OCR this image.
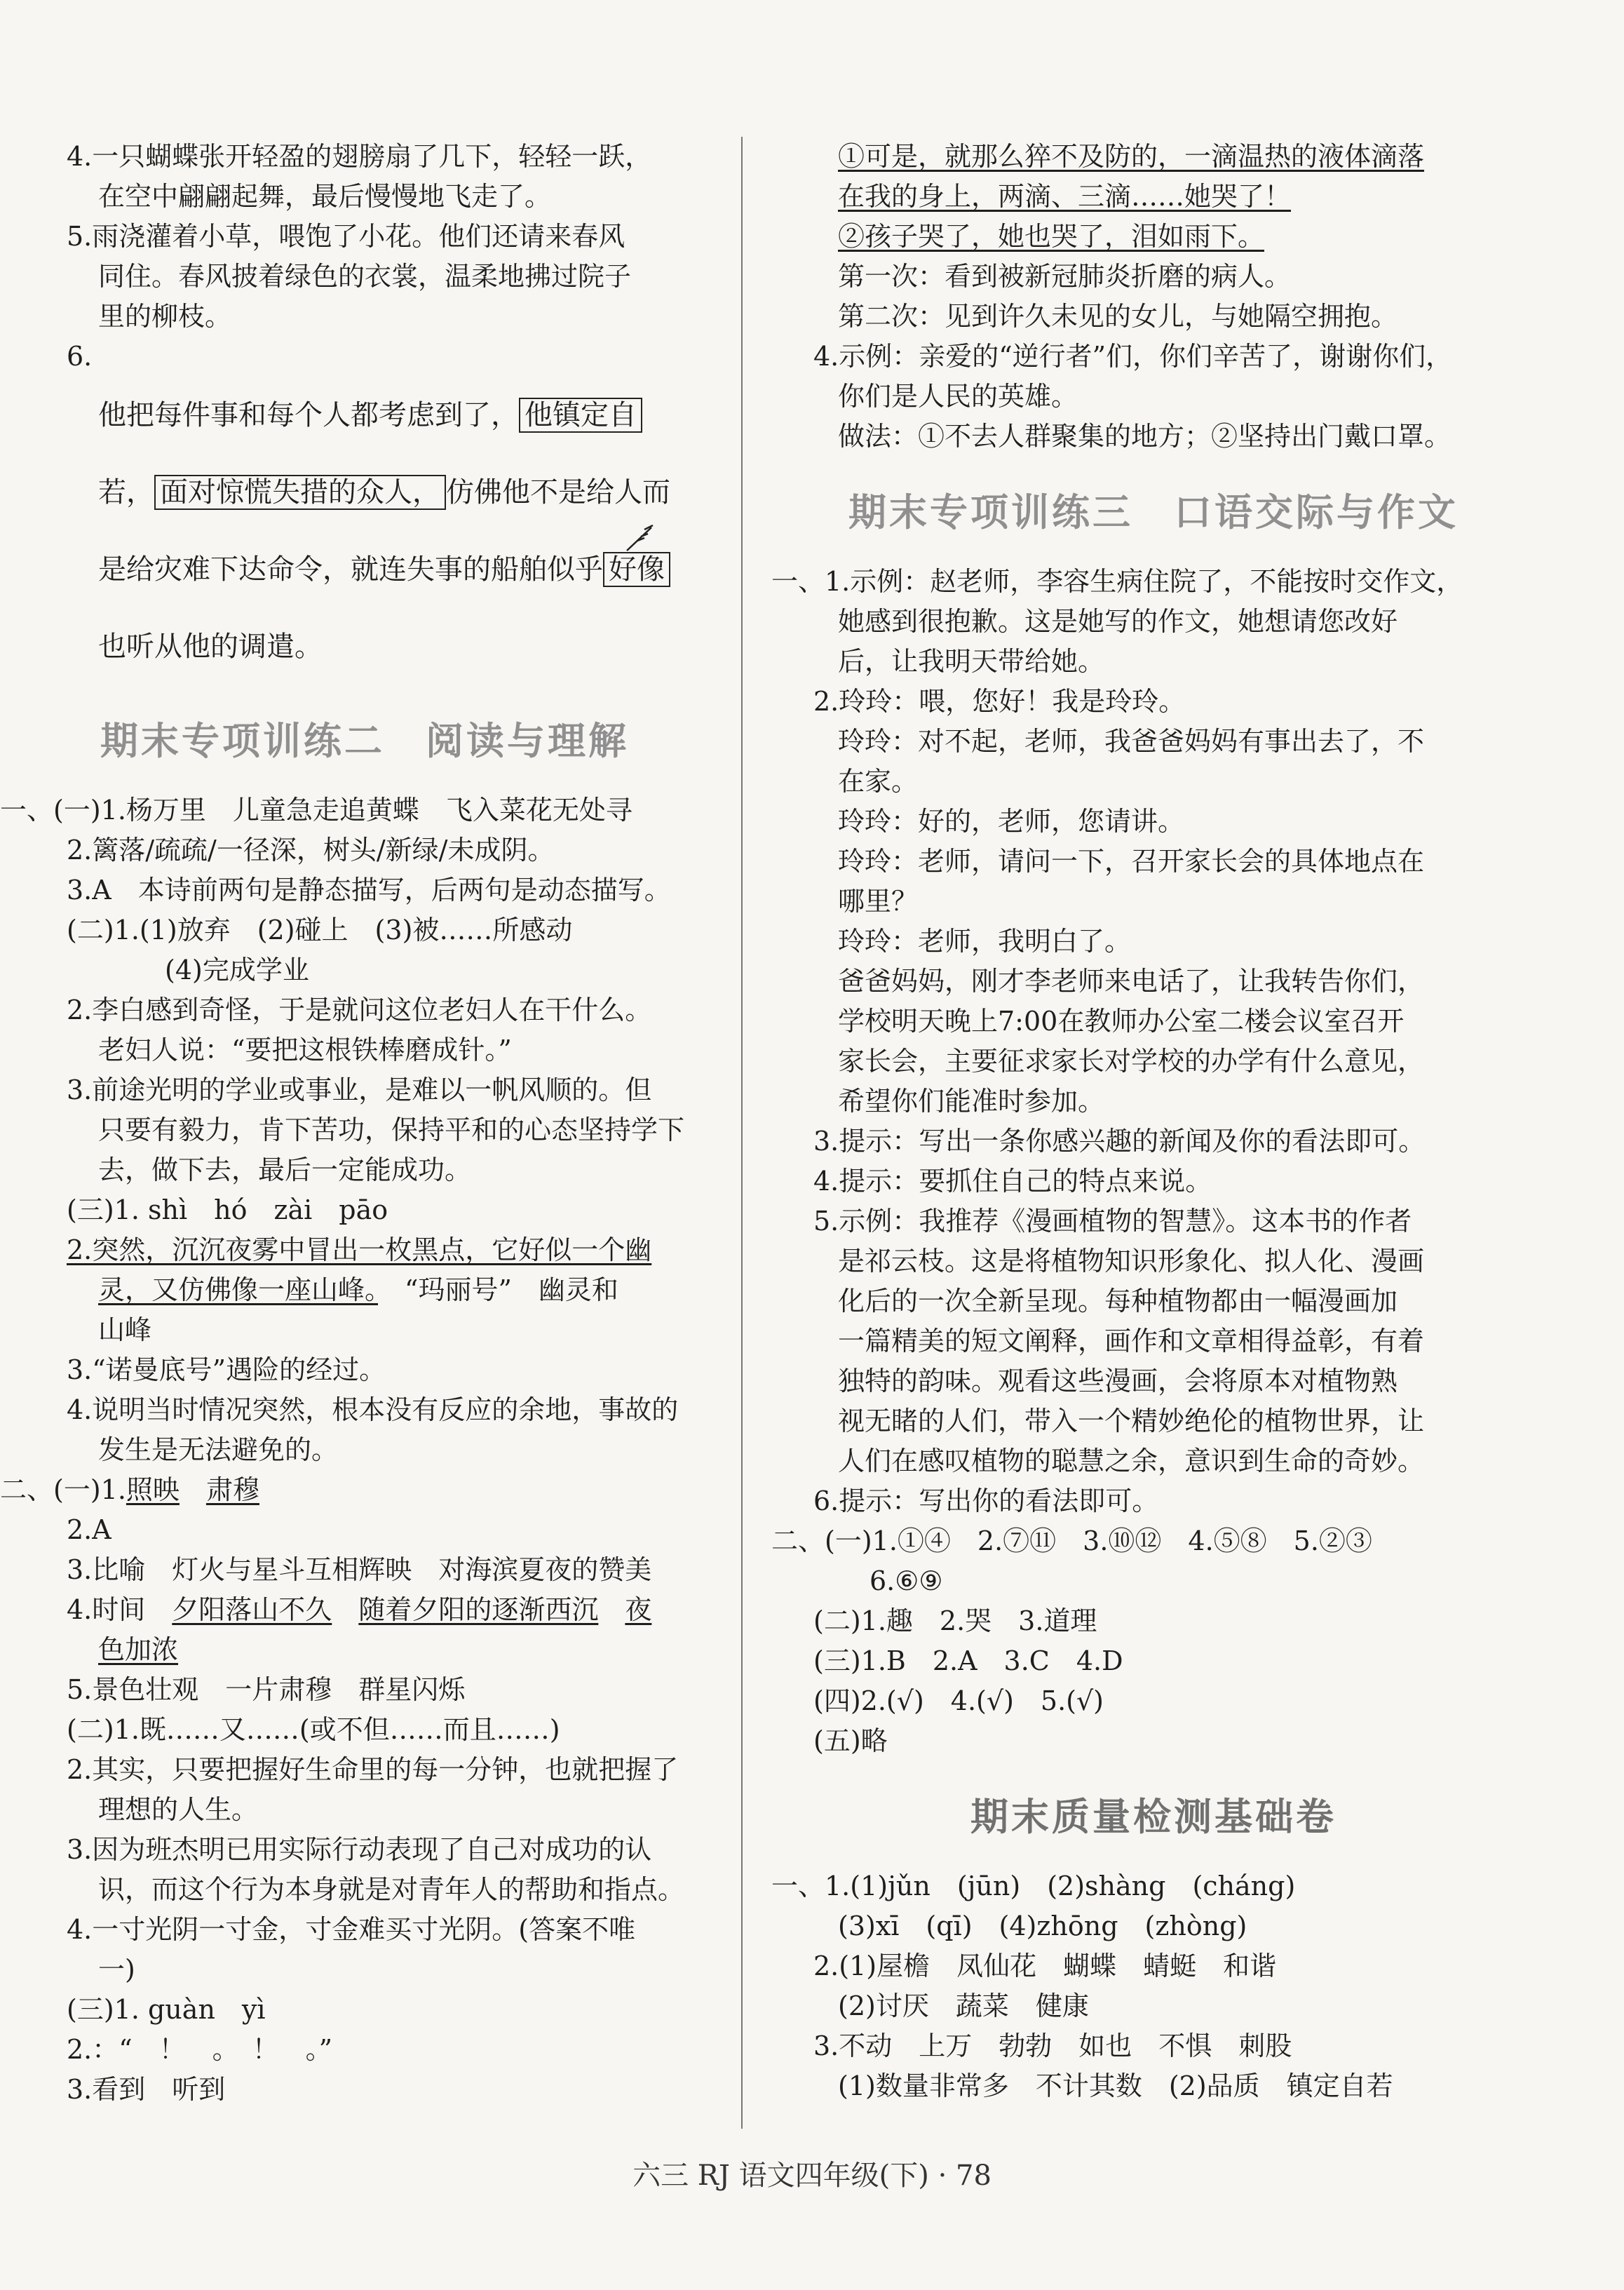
4.一只蝴蝶张开轻盈的翅膀扇了几下，轻轻一跃，
在空中翩翩起舞，最后慢慢地飞走了。
5.雨浇灌着小草，喂饱了小花。他们还请来春风
同住。春风披着绿色的衣裳，温柔地拂过院子
里的柳枝。
6.
他把每件事和每个人都考虑到了， 他镇定自
若， 面对惊慌失措的众人， 仿佛他不是给人而
是给灾难下达命令，就连失事的船舶似乎 好像
也听从他的调遣。
期末专项训练二　阅读与理解
一、(一)1.杨万里　儿童急走追黄蝶　飞入菜花无处寻
2.篱落/疏疏/一径深，树头/新绿/未成阴。
3.A　本诗前两句是静态描写，后两句是动态描写。
(二)1.(1)放弃　(2)碰上　(3)被……所感动
(4)完成学业
2.李白感到奇怪，于是就问这位老妇人在干什么。
老妇人说：“要把这根铁棒磨成针。”
3.前途光明的学业或事业，是难以一帆风顺的。但
只要有毅力，肯下苦功，保持平和的心态坚持学下
去，做下去，最后一定能成功。
(三)1. shì　hó　zài　pāo
2.突然，沉沉夜雾中冒出一枚黑点，它好似一个幽
灵，又仿佛像一座山峰。　 “玛丽号”　幽灵和
山峰
3.“诺曼底号”遇险的经过。
4.说明当时情况突然，根本没有反应的余地，事故的
发生是无法避免的。
二、(一)1.照映　 肃穆
2.A
3.比喻　灯火与星斗互相辉映　对海滨夏夜的赞美
4.时间　 夕阳落山不久　 随着夕阳的逐渐西沉　 夜
色加浓
5.景色壮观　一片肃穆　群星闪烁
(二)1.既……又……(或不但……而且……)
2.其实，只要把握好生命里的每一分钟，也就把握了
理想的人生。
3.因为班杰明已用实际行动表现了自己对成功的认
识，而这个行为本身就是对青年人的帮助和指点。
4.一寸光阴一寸金，寸金难买寸光阴。(答案不唯
一)
(三)1. guàn　yì
2.：“　！　。　！　。”
3.看到　听到
①可是，就那么猝不及防的，一滴温热的液体滴落
在我的身上，两滴、三滴……她哭了！
②孩子哭了，她也哭了，泪如雨下。
第一次：看到被新冠肺炎折磨的病人。
第二次：见到许久未见的女儿，与她隔空拥抱。
4.示例：亲爱的“逆行者”们，你们辛苦了，谢谢你们，
你们是人民的英雄。
做法：①不去人群聚集的地方；②坚持出门戴口罩。
期末专项训练三　口语交际与作文
一、1.示例：赵老师，李容生病住院了，不能按时交作文，
她感到很抱歉。这是她写的作文，她想请您改好
后，让我明天带给她。
2.玲玲：喂，您好！我是玲玲。
玲玲：对不起，老师，我爸爸妈妈有事出去了，不
在家。
玲玲：好的，老师，您请讲。
玲玲：老师，请问一下，召开家长会的具体地点在
哪里？
玲玲：老师，我明白了。
爸爸妈妈，刚才李老师来电话了，让我转告你们，
学校明天晚上7:00在教师办公室二楼会议室召开
家长会，主要征求家长对学校的办学有什么意见，
希望你们能准时参加。
3.提示：写出一条你感兴趣的新闻及你的看法即可。
4.提示：要抓住自己的特点来说。
5.示例：我推荐《漫画植物的智慧》。这本书的作者
是祁云枝。这是将植物知识形象化、拟人化、漫画
化后的一次全新呈现。每种植物都由一幅漫画加
一篇精美的短文阐释，画作和文章相得益彰，有着
独特的韵味。观看这些漫画，会将原本对植物熟
视无睹的人们，带入一个精妙绝伦的植物世界，让
人们在感叹植物的聪慧之余，意识到生命的奇妙。
6.提示：写出你的看法即可。
二、(一)1.①④　2.⑦⑪　3.⑩⑫　4.⑤⑧　5.②③
6.⑥⑨
(二)1.趣　2.哭　3.道理
(三)1.B　2.A　3.C　4.D
(四)2.(√)　4.(√)　5.(√)
(五)略
期末质量检测基础卷
一、1.(1)jǔn　(jūn)　(2)shàng　(cháng)
(3)xī　(qī)　(4)zhōng　(zhòng)
2.(1)屋檐　凤仙花　蝴蝶　蜻蜓　和谐
(2)讨厌　蔬菜　健康
3.不动　上万　勃勃　如也　不惧　刺股
(1)数量非常多　不计其数　(2)品质　镇定自若
六三 RJ 语文四年级(下) · 78
